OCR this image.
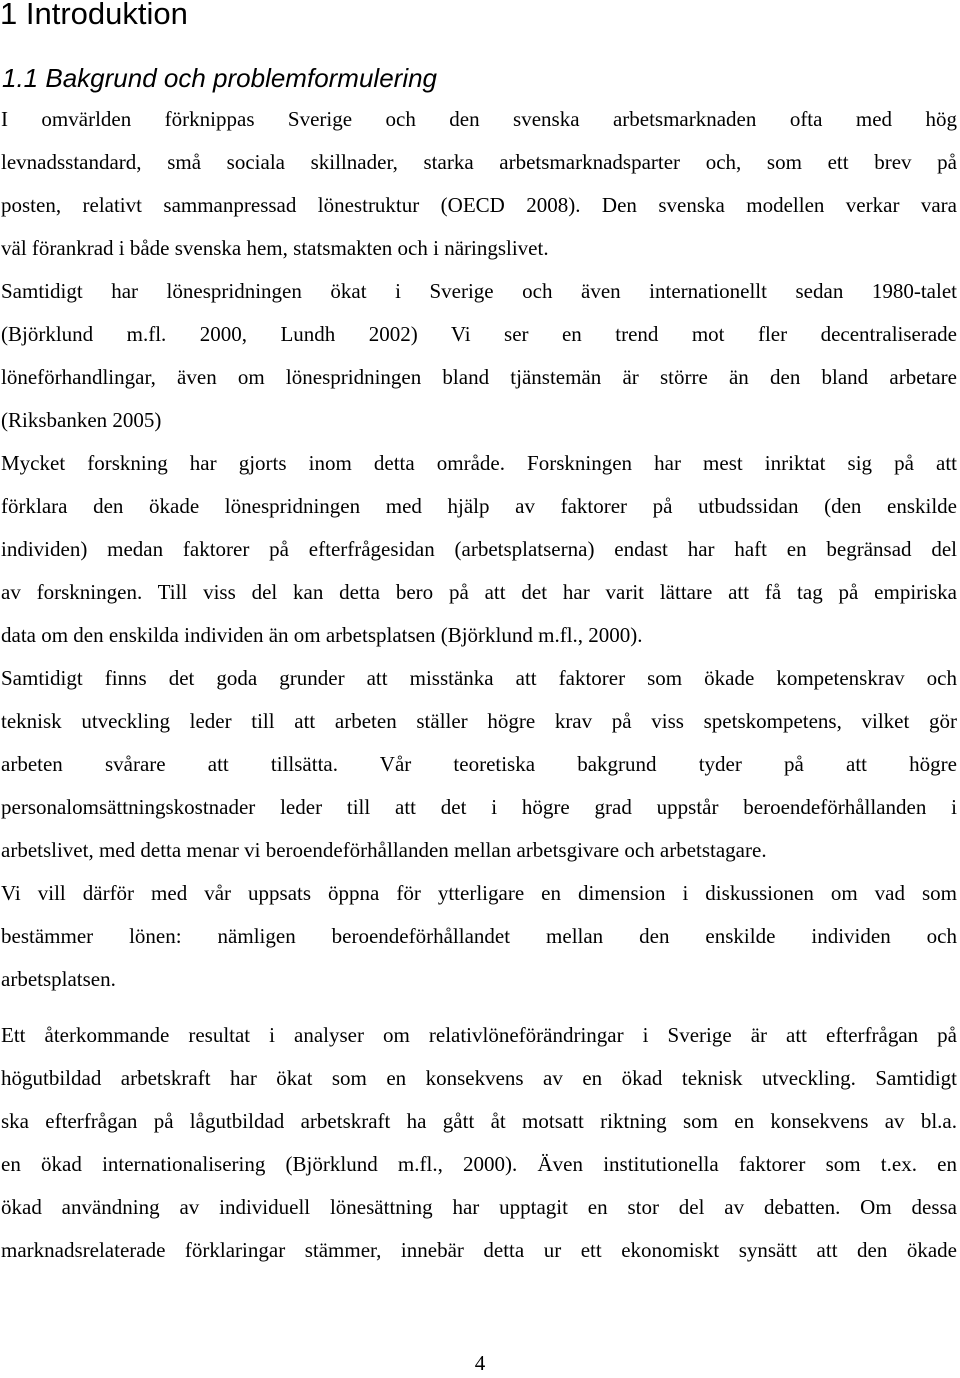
1 Introduktion
1.1 Bakgrund och problemformulering
I omvärlden förknippas Sverige och den svenska arbetsmarknaden ofta med hög
levnadsstandard, små sociala skillnader, starka arbetsmarknadsparter och, som ett brev på
posten, relativt sammanpressad lönestruktur (OECD 2008). Den svenska modellen verkar vara
väl förankrad i både svenska hem, statsmakten och i näringslivet.
Samtidigt har lönespridningen ökat i Sverige och även internationellt sedan 1980-talet
(Björklund m.fl. 2000, Lundh 2002) Vi ser en trend mot fler decentraliserade
löneförhandlingar, även om lönespridningen bland tjänstemän är större än den bland arbetare
(Riksbanken 2005)
Mycket forskning har gjorts inom detta område. Forskningen har mest inriktat sig på att
förklara den ökade lönespridningen med hjälp av faktorer på utbudssidan (den enskilde
individen) medan faktorer på efterfrågesidan (arbetsplatserna) endast har haft en begränsad del
av forskningen. Till viss del kan detta bero på att det har varit lättare att få tag på empiriska
data om den enskilda individen än om arbetsplatsen (Björklund m.fl., 2000).
Samtidigt finns det goda grunder att misstänka att faktorer som ökade kompetenskrav och
teknisk utveckling leder till att arbeten ställer högre krav på viss spetskompetens, vilket gör
arbeten svårare att tillsätta. Vår teoretiska bakgrund tyder på att högre
personalomsättningskostnader leder till att det i högre grad uppstår beroendeförhållanden i
arbetslivet, med detta menar vi beroendeförhållanden mellan arbetsgivare och arbetstagare.
Vi vill därför med vår uppsats öppna för ytterligare en dimension i diskussionen om vad som
bestämmer lönen: nämligen beroendeförhållandet mellan den enskilde individen och
arbetsplatsen.
Ett återkommande resultat i analyser om relativlöneförändringar i Sverige är att efterfrågan på
högutbildad arbetskraft har ökat som en konsekvens av en ökad teknisk utveckling. Samtidigt
ska efterfrågan på lågutbildad arbetskraft ha gått åt motsatt riktning som en konsekvens av bl.a.
en ökad internationalisering (Björklund m.fl., 2000). Även institutionella faktorer som t.ex. en
ökad användning av individuell lönesättning har upptagit en stor del av debatten. Om dessa
marknadsrelaterade förklaringar stämmer, innebär detta ur ett ekonomiskt synsätt att den ökade
4
